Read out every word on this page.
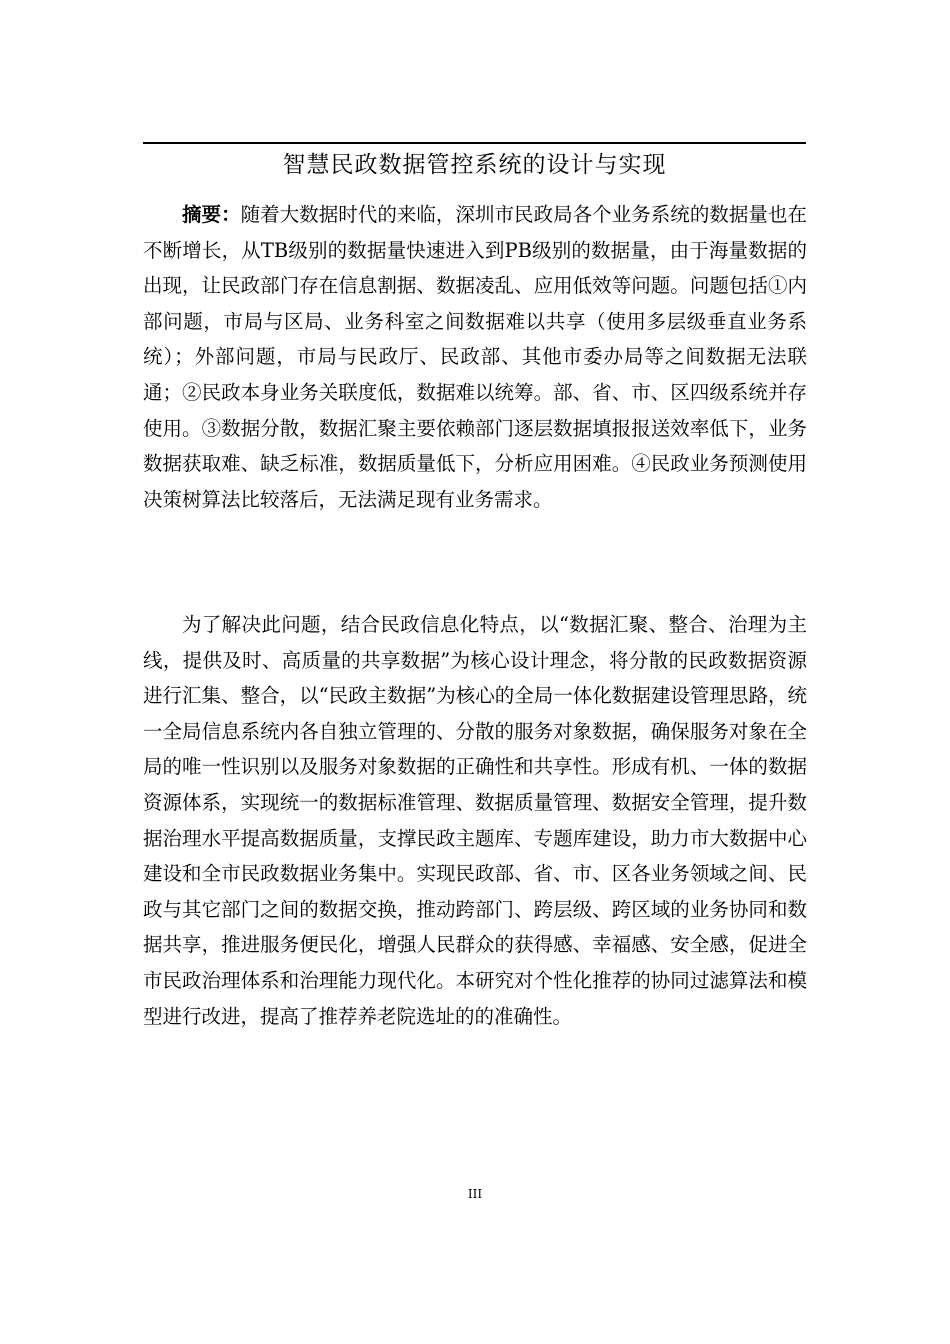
智慧民政数据管控系统的设计与实现

摘要：随着大数据时代的来临，深圳市民政局各个业务系统的数据量也在不断增长，从TB级别的数据量快速进入到PB级别的数据量，由于海量数据的出现，让民政部门存在信息割据、数据凌乱、应用低效等问题。问题包括①内部问题，市局与区局、业务科室之间数据难以共享（使用多层级垂直业务系统）；外部问题，市局与民政厅、民政部、其他市委办局等之间数据无法联通；②民政本身业务关联度低，数据难以统筹。部、省、市、区四级系统并存使用。③数据分散，数据汇聚主要依赖部门逐层数据填报报送效率低下，业务数据获取难、缺乏标准，数据质量低下，分析应用困难。④民政业务预测使用决策树算法比较落后，无法满足现有业务需求。

为了解决此问题，结合民政信息化特点，以“数据汇聚、整合、治理为主线，提供及时、高质量的共享数据”为核心设计理念，将分散的民政数据资源进行汇集、整合，以“民政主数据”为核心的全局一体化数据建设管理思路，统一全局信息系统内各自独立管理的、分散的服务对象数据，确保服务对象在全局的唯一性识别以及服务对象数据的正确性和共享性。形成有机、一体的数据资源体系，实现统一的数据标准管理、数据质量管理、数据安全管理，提升数据治理水平提高数据质量，支撑民政主题库、专题库建设，助力市大数据中心建设和全市民政数据业务集中。实现民政部、省、市、区各业务领域之间、民政与其它部门之间的数据交换，推动跨部门、跨层级、跨区域的业务协同和数据共享，推进服务便民化，增强人民群众的获得感、幸福感、安全感，促进全市民政治理体系和治理能力现代化。本研究对个性化推荐的协同过滤算法和模型进行改进，提高了推荐养老院选址的的准确性。

III
